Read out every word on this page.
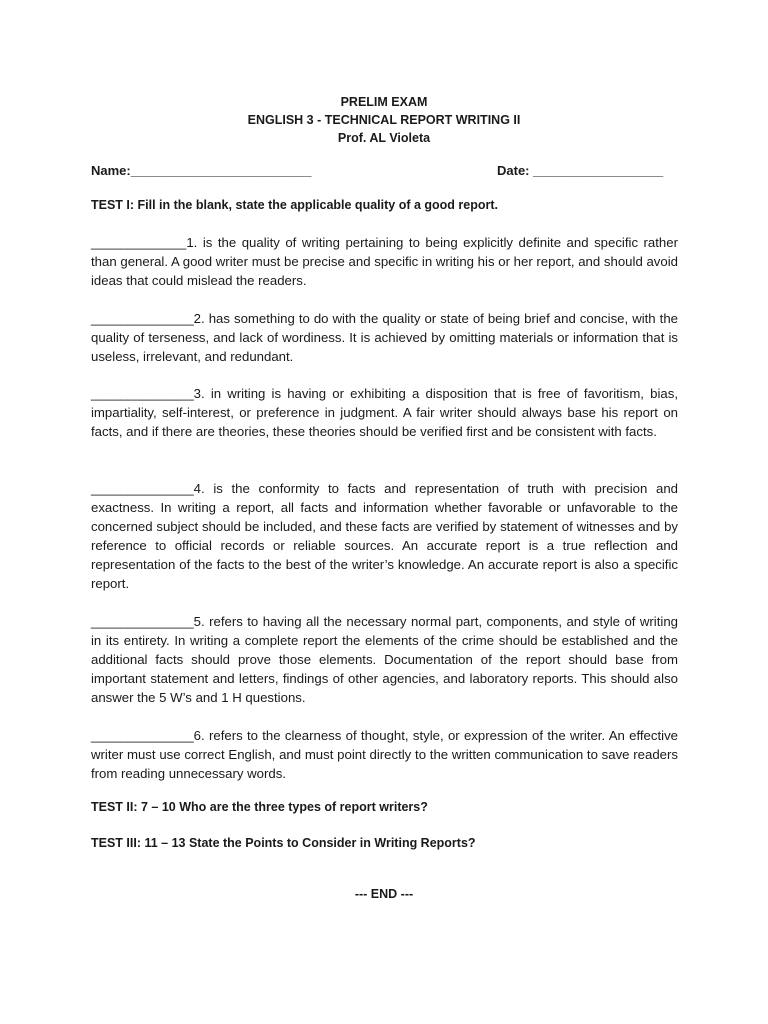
PRELIM EXAM
ENGLISH 3 - TECHNICAL REPORT WRITING II
Prof. AL Violeta
Name:_________________________	Date: __________________
TEST I: Fill in the blank, state the applicable quality of a good report.
_____________1. is the quality of writing pertaining to being explicitly definite and specific rather than general. A good writer must be precise and specific in writing his or her report, and should avoid ideas that could mislead the readers.
______________2. has something to do with the quality or state of being brief and concise, with the quality of terseness, and lack of wordiness. It is achieved by omitting materials or information that is useless, irrelevant, and redundant.
______________3. in writing is having or exhibiting a disposition that is free of favoritism, bias, impartiality, self-interest, or preference in judgment. A fair writer should always base his report on facts, and if there are theories, these theories should be verified first and be consistent with facts.
______________4. is the conformity to facts and representation of truth with precision and exactness. In writing a report, all facts and information whether favorable or unfavorable to the concerned subject should be included, and these facts are verified by statement of witnesses and by reference to official records or reliable sources. An accurate report is a true reflection and representation of the facts to the best of the writer’s knowledge. An accurate report is also a specific report.
______________5. refers to having all the necessary normal part, components, and style of writing in its entirety. In writing a complete report the elements of the crime should be established and the additional facts should prove those elements. Documentation of the report should base from important statement and letters, findings of other agencies, and laboratory reports. This should also answer the 5 W’s and 1 H questions.
______________6. refers to the clearness of thought, style, or expression of the writer. An effective writer must use correct English, and must point directly to the written communication to save readers from reading unnecessary words.
TEST II: 7 – 10 Who are the three types of report writers?
TEST III: 11 – 13 State the Points to Consider in Writing Reports?
--- END ---
